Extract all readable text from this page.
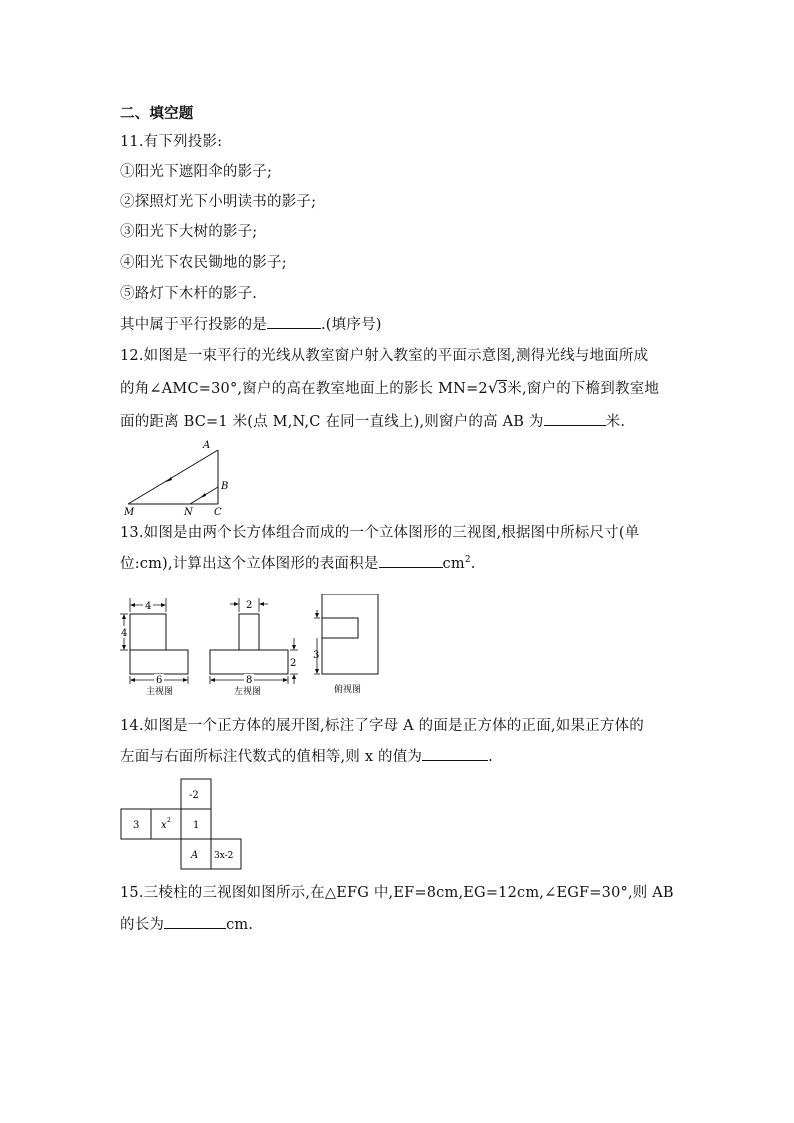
二、填空题
11.有下列投影:
①阳光下遮阳伞的影子;
②探照灯光下小明读书的影子;
③阳光下大树的影子;
④阳光下农民锄地的影子;
⑤路灯下木杆的影子.
其中属于平行投影的是	.(填序号)
12.如图是一束平行的光线从教室窗户射入教室的平面示意图,测得光线与地面所成
的角∠AMC=30°,窗户的高在教室地面上的影长 MN=2 √ 3米,窗户的下檐到教室地
面的距离 BC=1 米(点 M,N,C 在同一直线上),则窗户的高 AB 为	米.
A
B
M	N C
13.如图是由两个长方体组合而成的一个立体图形的三视图,根据图中所标尺寸(单
位:cm),计算出这个立体图形的表面积是	$cm^2$.
4
4
6
主视图
2
2
8
左视图
3
俯视图
14.如图是一个正方体的展开图,标注了字母 A 的面是正方体的正面,如果正方体的
左面与右面所标注代数式的值相等,则 x 的值为	.
-2
3 x 2 1
A 3x-2
15.三棱柱的三视图如图所示,在△EFG 中,EF=8cm,EG=12cm,∠EGF=30°,则 AB
的长为	cm.
